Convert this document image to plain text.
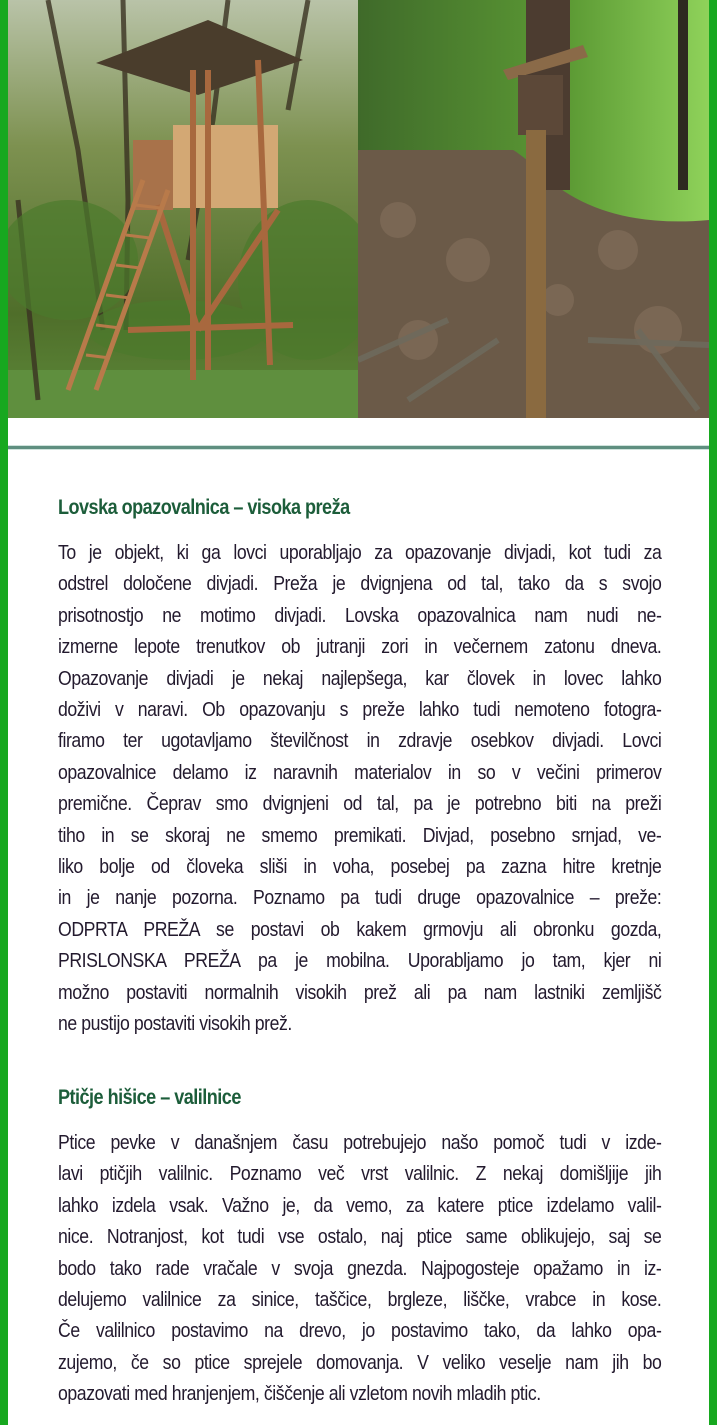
Lovska opazovalnica – visoka preža
To je objekt, ki ga lovci uporabljajo za opazovanje divjadi, kot tudi za
odstrel določene divjadi. Preža je dvignjena od tal, tako da s svojo
prisotnostjo ne motimo divjadi. Lovska opazovalnica nam nudi ne-
izmerne lepote trenutkov ob jutranji zori in večernem zatonu dneva.
Opazovanje divjadi je nekaj najlepšega, kar človek in lovec lahko
doživi v naravi. Ob opazovanju s preže lahko tudi nemoteno fotogra-
firamo ter ugotavljamo številčnost in zdravje osebkov divjadi. Lovci
opazovalnice delamo iz naravnih materialov in so v večini primerov
premične. Čeprav smo dvignjeni od tal, pa je potrebno biti na preži
tiho in se skoraj ne smemo premikati. Divjad, posebno srnjad, ve-
liko bolje od človeka sliši in voha, posebej pa zazna hitre kretnje
in je nanje pozorna. Poznamo pa tudi druge opazovalnice – preže:
ODPRTA PREŽA se postavi ob kakem grmovju ali obronku gozda,
PRISLONSKA PREŽA pa je mobilna. Uporabljamo jo tam, kjer ni
možno postaviti normalnih visokih prež ali pa nam lastniki zemljišč
ne pustijo postaviti visokih prež.
Ptičje hišice – valilnice
Ptice pevke v današnjem času potrebujejo našo pomoč tudi v izde-
lavi ptičjih valilnic. Poznamo več vrst valilnic. Z nekaj domišljije jih
lahko izdela vsak. Važno je, da vemo, za katere ptice izdelamo valil-
nice. Notranjost, kot tudi vse ostalo, naj ptice same oblikujejo, saj se
bodo tako rade vračale v svoja gnezda. Najpogosteje opažamo in iz-
delujemo valilnice za sinice, taščice, brgleze, liščke, vrabce in kose.
Če valilnico postavimo na drevo, jo postavimo tako, da lahko opa-
zujemo, če so ptice sprejele domovanja. V veliko veselje nam jih bo
opazovati med hranjenjem, čiščenje ali vzletom novih mladih ptic.
